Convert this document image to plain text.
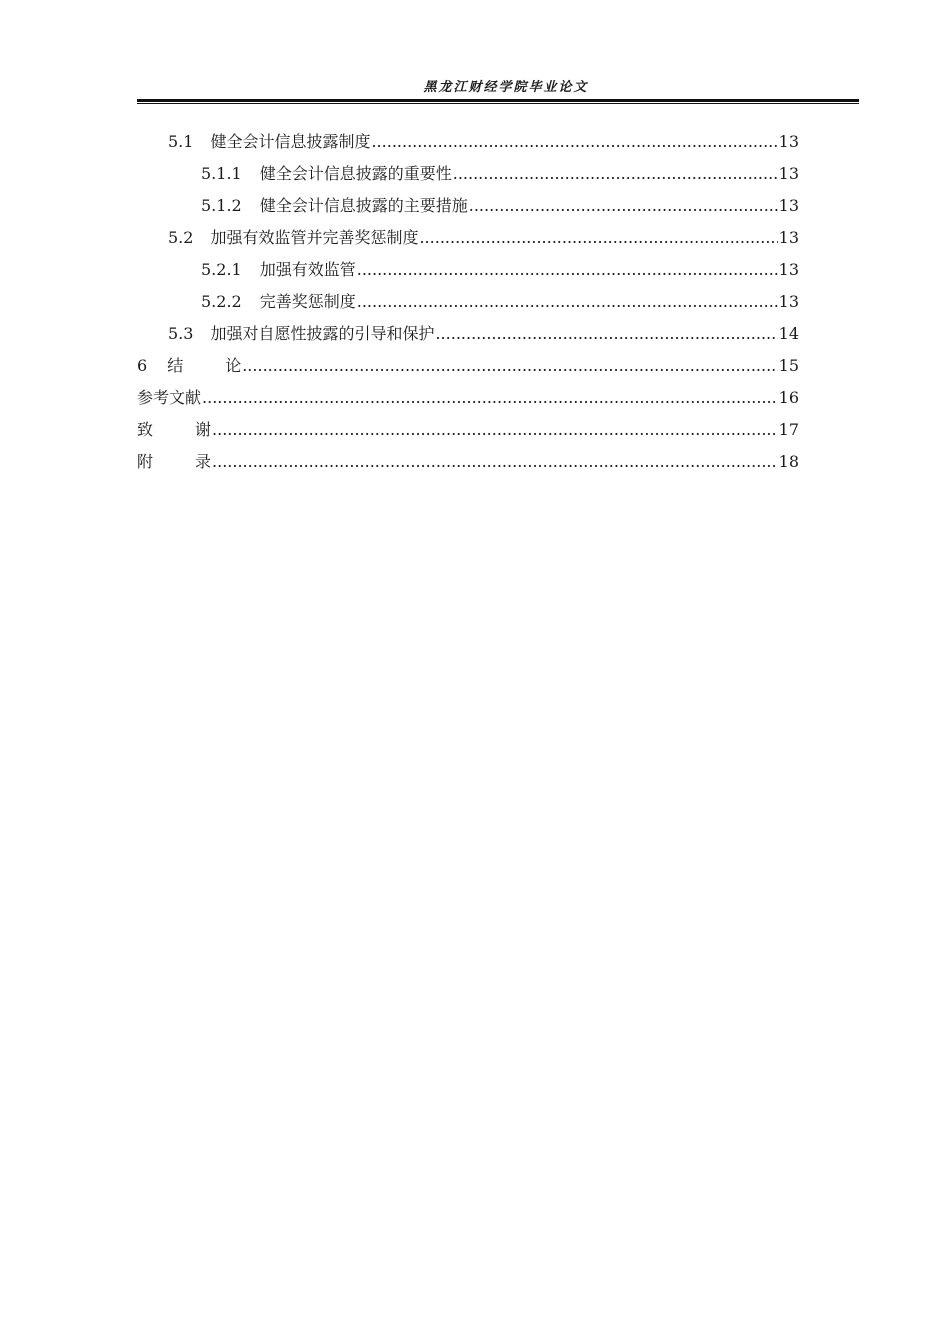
黑龙江财经学院毕业论文
5.1 健全会计信息披露制度 .....	13
5.1.1 健全会计信息披露的重要性 .....	13
5.1.2 健全会计信息披露的主要措施 .....	13
5.2 加强有效监管并完善奖惩制度 .....	13
5.2.1 加强有效监管 .....	13
5.2.2 完善奖惩制度 .....	13
5.3 加强对自愿性披露的引导和保护 .....	14
6 结	论 .....	15
参考文献 .....	16
致	谢 .....	17
附	录 .....	18
